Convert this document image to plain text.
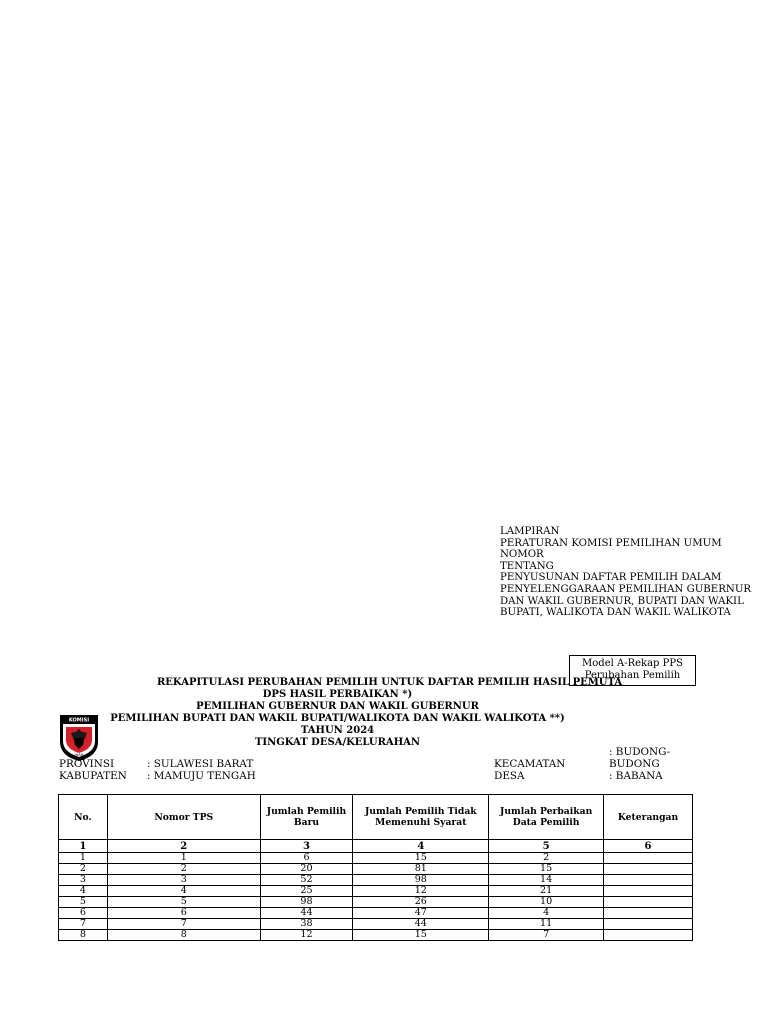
LAMPIRAN
PERATURAN KOMISI PEMILIHAN UMUM
NOMOR
TENTANG
PENYUSUNAN DAFTAR PEMILIH DALAM
PENYELENGGARAAN PEMILIHAN GUBERNUR
DAN WAKIL GUBERNUR, BUPATI DAN WAKIL
BUPATI, WALIKOTA DAN WAKIL WALIKOTA
Model A-Rekap PPS
Perubahan Pemilih
REKAPITULASI PERUBAHAN PEMILIH UNTUK DAFTAR PEMILIH HASIL PEMUTA
DPS HASIL PERBAIKAN *)
PEMILIHAN GUBERNUR DAN WAKIL GUBERNUR
PEMILIHAN BUPATI DAN WAKIL BUPATI/WALIKOTA DAN WAKIL WALIKOTA **)
TAHUN 2024
TINGKAT DESA/KELURAHAN
KOMISI
IHAN
PROVINSI	: SULAWESI BARAT
KABUPATEN : MAMUJU TENGAH
KECAMATAN
: BUDONG-
BUDONG
DESA	: BABANA
No.	Nomor TPS	Jumlah Pemilih Baru	Jumlah Pemilih Tidak Memenuhi Syarat	Jumlah Perbaikan Data Pemilih	Keterangan
1	2	3	4	5	6
1	1	6	15	2	
2	2	20	81	15	
3	3	52	98	14	
4	4	25	12	21	
5	5	98	26	10	
6	6	44	47	4	
7	7	38	44	11	
8	8	12	15	7	
